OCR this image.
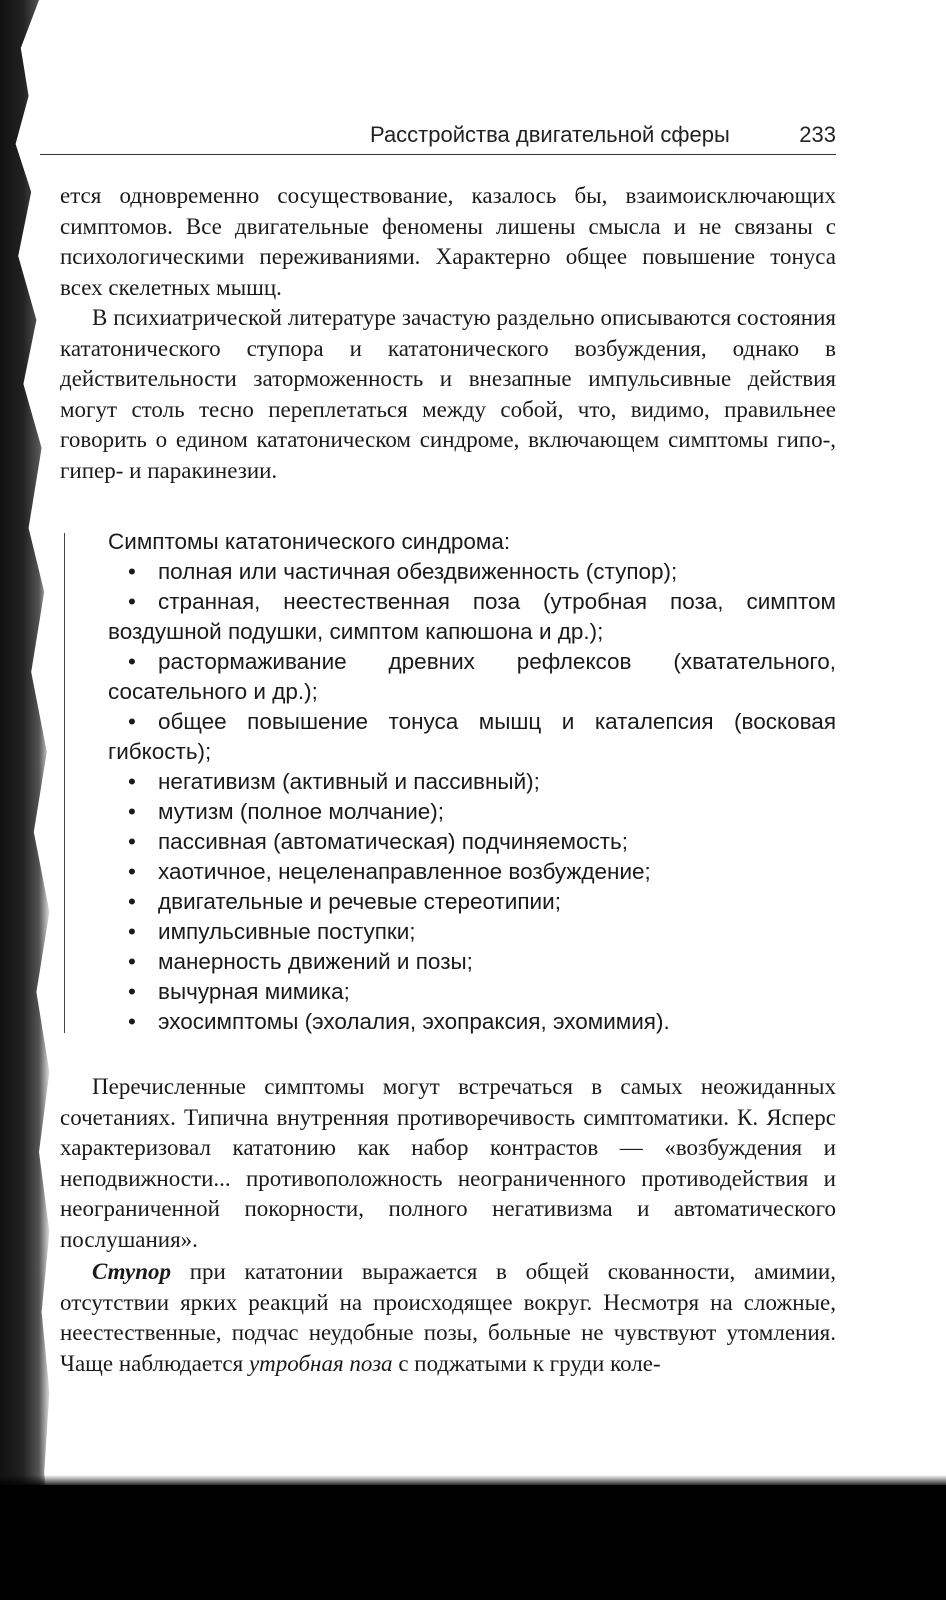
Расстройства двигательной сферы	233

ется одновременно сосуществование, казалось бы, взаимоисключающих симптомов. Все двигательные феномены лишены смысла и не связаны с психологическими переживаниями. Характерно общее повышение тонуса всех скелетных мышц.

В психиатрической литературе зачастую раздельно описываются состояния кататонического ступора и кататонического возбуждения, однако в действительности заторможенность и внезапные импульсивные действия могут столь тесно переплетаться между собой, что, видимо, правильнее говорить о едином кататоническом синдроме, включающем симптомы гипо-, гипер- и паракинезии.

Симптомы кататонического синдрома:
• полная или частичная обездвиженность (ступор);
• странная, неестественная поза (утробная поза, симптом воздушной подушки, симптом капюшона и др.);
• растормаживание древних рефлексов (хватательного, сосательного и др.);
• общее повышение тонуса мышц и каталепсия (восковая гибкость);
• негативизм (активный и пассивный);
• мутизм (полное молчание);
• пассивная (автоматическая) подчиняемость;
• хаотичное, нецеленаправленное возбуждение;
• двигательные и речевые стереотипии;
• импульсивные поступки;
• манерность движений и позы;
• вычурная мимика;
• эхосимптомы (эхолалия, эхопраксия, эхомимия).

Перечисленные симптомы могут встречаться в самых неожиданных сочетаниях. Типична внутренняя противоречивость симптоматики. К. Ясперс характеризовал кататонию как набор контрастов — «возбуждения и неподвижности... противоположность неограниченного противодействия и неограниченной покорности, полного негативизма и автоматического послушания».

Ступор при кататонии выражается в общей скованности, амимии, отсутствии ярких реакций на происходящее вокруг. Несмотря на сложные, неестественные, подчас неудобные позы, больные не чувствуют утомления. Чаще наблюдается утробная поза с поджатыми к груди коле-
